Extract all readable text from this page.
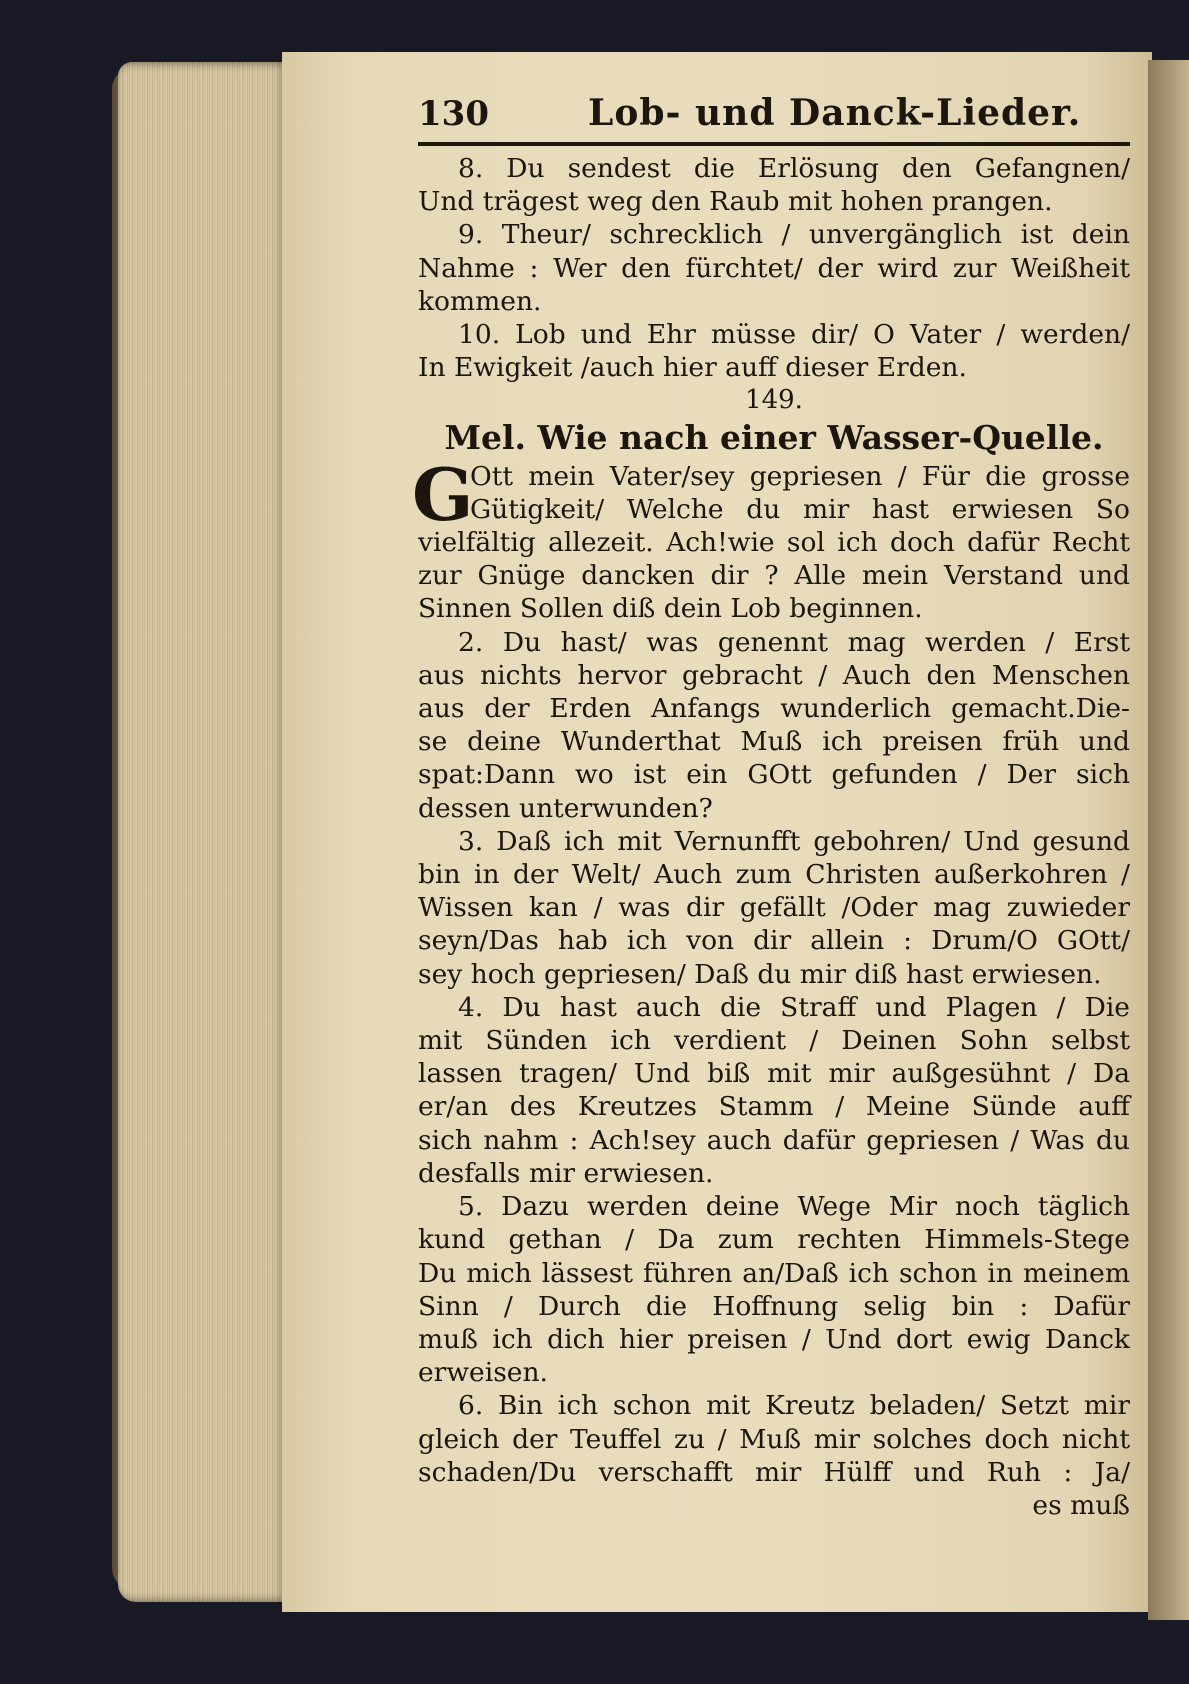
130	Lob- und Danck-Lieder.
8. Du sendest die Erlösung den Gefangnen/
Und trägest weg den Raub mit hohen prangen.
9. Theur/ schrecklich / unvergänglich ist dein
Nahme : Wer den fürchtet/ der wird zur Weißheit
kommen.
10. Lob und Ehr müsse dir/ O Vater / werden/
In Ewigkeit /auch hier auff dieser Erden.
149.
Mel. Wie nach einer Wasser-Quelle.
G
Ott mein Vater/sey gepriesen / Für die grosse
Gütigkeit/ Welche du mir hast erwiesen So
vielfältig allezeit. Ach!wie sol ich doch dafür Recht
zur Gnüge dancken dir ? Alle mein Verstand und
Sinnen Sollen diß dein Lob beginnen.
2. Du hast/ was genennt mag werden / Erst
aus nichts hervor gebracht / Auch den Menschen
aus der Erden Anfangs wunderlich gemacht.Die-
se deine Wunderthat Muß ich preisen früh und
spat:Dann wo ist ein GOtt gefunden / Der sich
dessen unterwunden?
3. Daß ich mit Vernunfft gebohren/ Und gesund
bin in der Welt/ Auch zum Christen außerkohren /
Wissen kan / was dir gefällt /Oder mag zuwieder
seyn/Das hab ich von dir allein : Drum/O GOtt/
sey hoch gepriesen/ Daß du mir diß hast erwiesen.
4. Du hast auch die Straff und Plagen / Die
mit Sünden ich verdient / Deinen Sohn selbst
lassen tragen/ Und biß mit mir außgesühnt / Da
er/an des Kreutzes Stamm / Meine Sünde auff
sich nahm : Ach!sey auch dafür gepriesen / Was du
desfalls mir erwiesen.
5. Dazu werden deine Wege Mir noch täglich
kund gethan / Da zum rechten Himmels-Stege
Du mich lässest führen an/Daß ich schon in meinem
Sinn / Durch die Hoffnung selig bin : Dafür
muß ich dich hier preisen / Und dort ewig Danck
erweisen.
6. Bin ich schon mit Kreutz beladen/ Setzt mir
gleich der Teuffel zu / Muß mir solches doch nicht
schaden/Du verschafft mir Hülff und Ruh : Ja/
es muß
